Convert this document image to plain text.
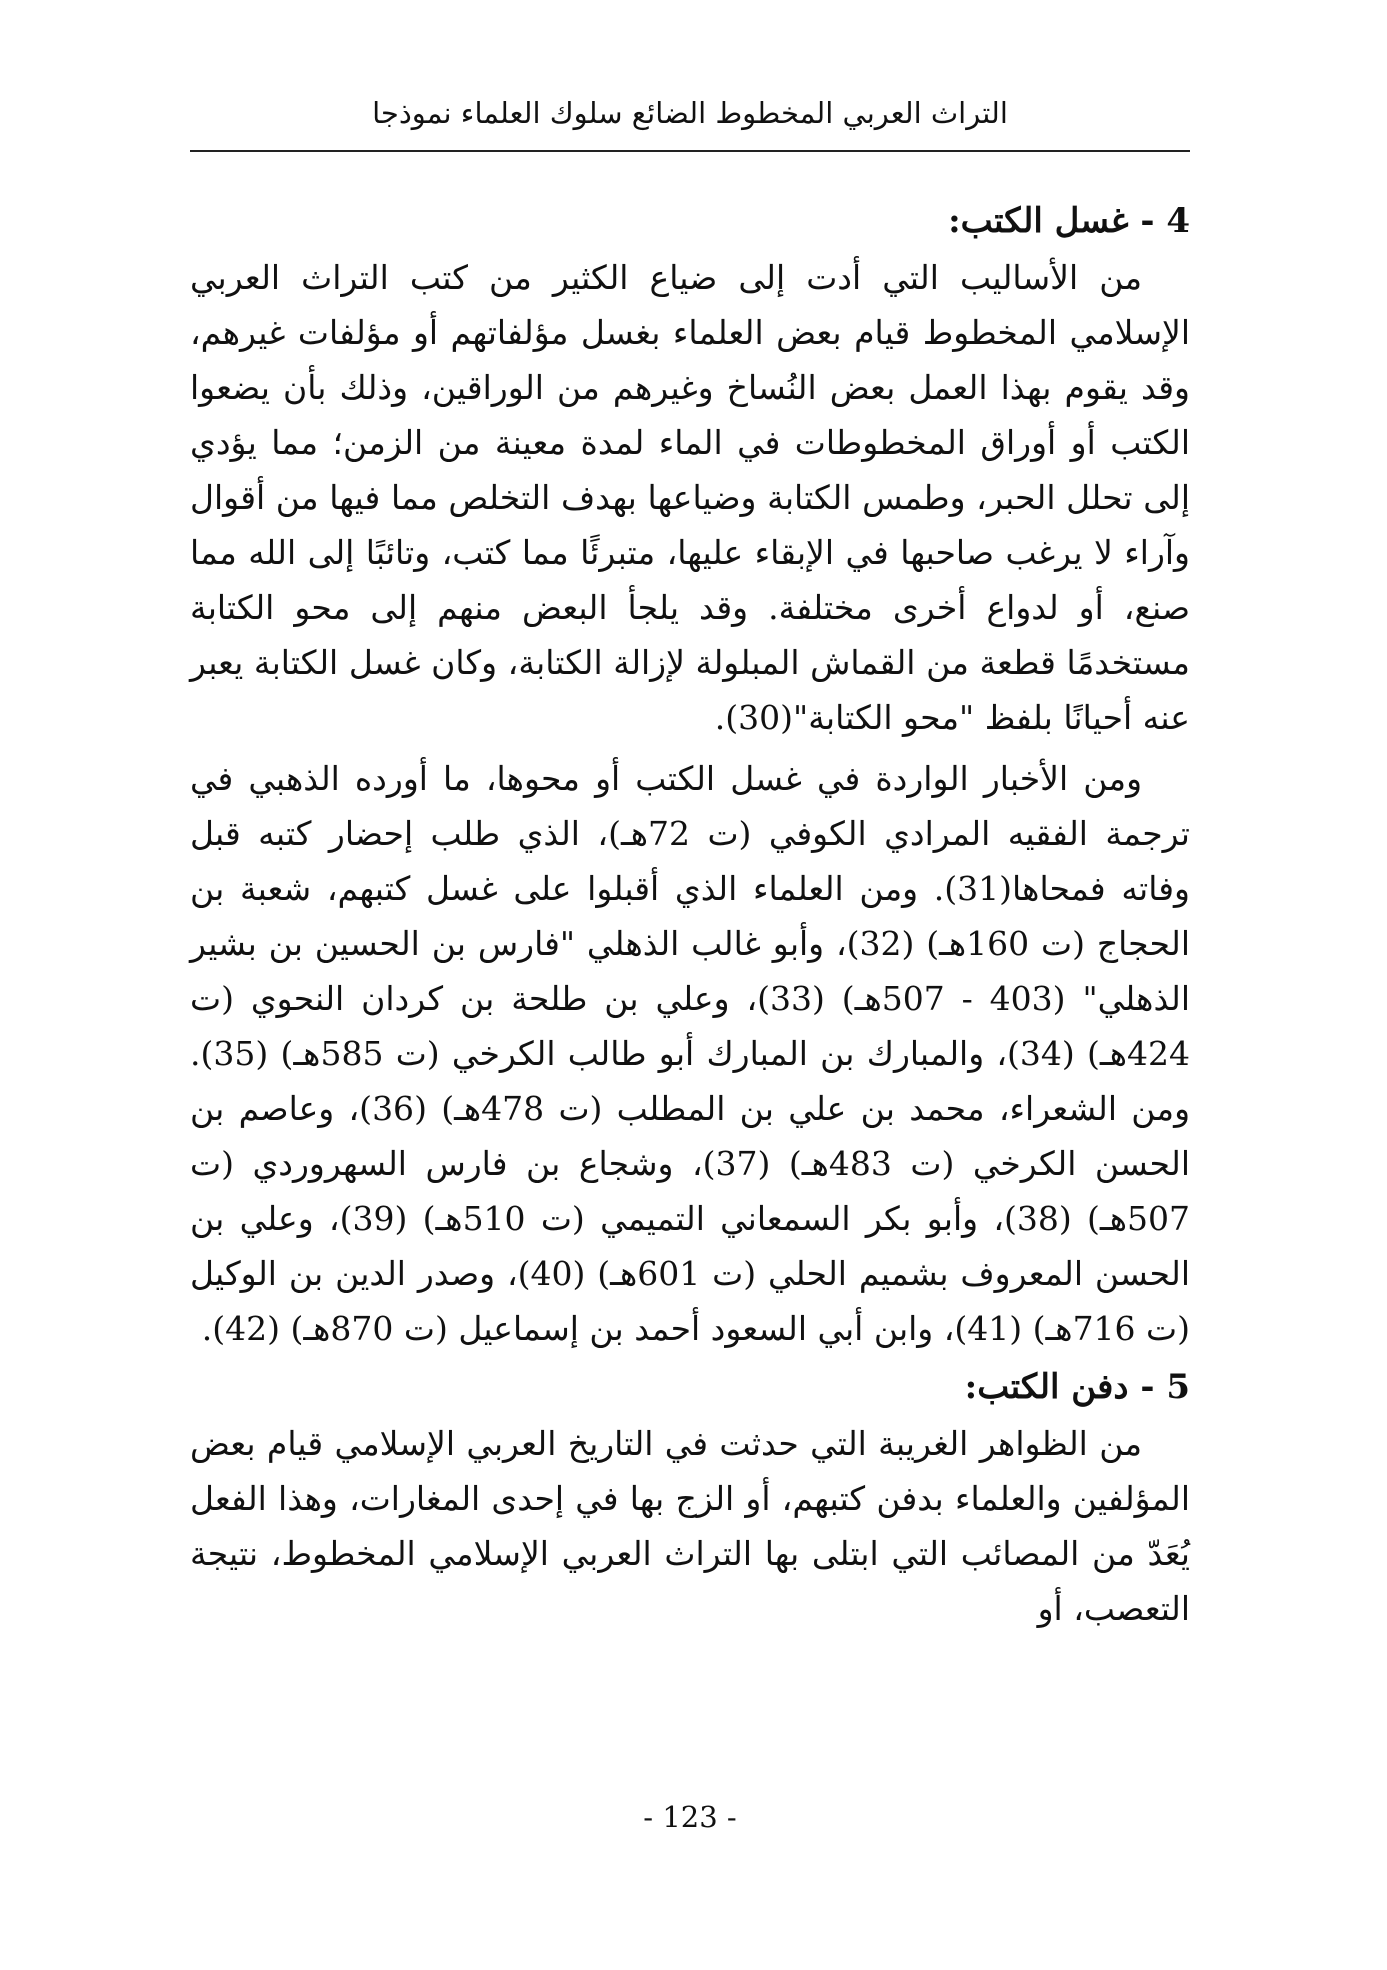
التراث العربي المخطوط الضائع سلوك العلماء نموذجا
4 - غسل الكتب:

من الأساليب التي أدت إلى ضياع الكثير من كتب التراث العربي الإسلامي المخطوط قيام بعض العلماء بغسل مؤلفاتهم أو مؤلفات غيرهم، وقد يقوم بهذا العمل بعض النُساخ وغيرهم من الوراقين، وذلك بأن يضعوا الكتب أو أوراق المخطوطات في الماء لمدة معينة من الزمن؛ مما يؤدي إلى تحلل الحبر، وطمس الكتابة وضياعها بهدف التخلص مما فيها من أقوال وآراء لا يرغب صاحبها في الإبقاء عليها، متبرئًا مما كتب، وتائبًا إلى الله مما صنع، أو لدواع أخرى مختلفة. وقد يلجأ البعض منهم إلى محو الكتابة مستخدمًا قطعة من القماش المبلولة لإزالة الكتابة، وكان غسل الكتابة يعبر عنه أحيانًا بلفظ "محو الكتابة"(30).

ومن الأخبار الواردة في غسل الكتب أو محوها، ما أورده الذهبي في ترجمة الفقيه المرادي الكوفي (ت 72هـ)، الذي طلب إحضار كتبه قبل وفاته فمحاها(31). ومن العلماء الذي أقبلوا على غسل كتبهم، شعبة بن الحجاج (ت 160هـ) (32)، وأبو غالب الذهلي "فارس بن الحسين بن بشير الذهلي" (403 - 507هـ) (33)، وعلي بن طلحة بن كردان النحوي (ت 424هـ) (34)، والمبارك بن المبارك أبو طالب الكرخي (ت 585هـ) (35). ومن الشعراء، محمد بن علي بن المطلب (ت 478هـ) (36)، وعاصم بن الحسن الكرخي (ت 483هـ) (37)، وشجاع بن فارس السهروردي (ت 507هـ) (38)، وأبو بكر السمعاني التميمي (ت 510هـ) (39)، وعلي بن الحسن المعروف بشميم الحلي (ت 601هـ) (40)، وصدر الدين بن الوكيل (ت 716هـ) (41)، وابن أبي السعود أحمد بن إسماعيل (ت 870هـ) (42).

5 - دفن الكتب:

من الظواهر الغريبة التي حدثت في التاريخ العربي الإسلامي قيام بعض المؤلفين والعلماء بدفن كتبهم، أو الزج بها في إحدى المغارات، وهذا الفعل يُعَدّ من المصائب التي ابتلى بها التراث العربي الإسلامي المخطوط، نتيجة التعصب، أو

- 123 -
